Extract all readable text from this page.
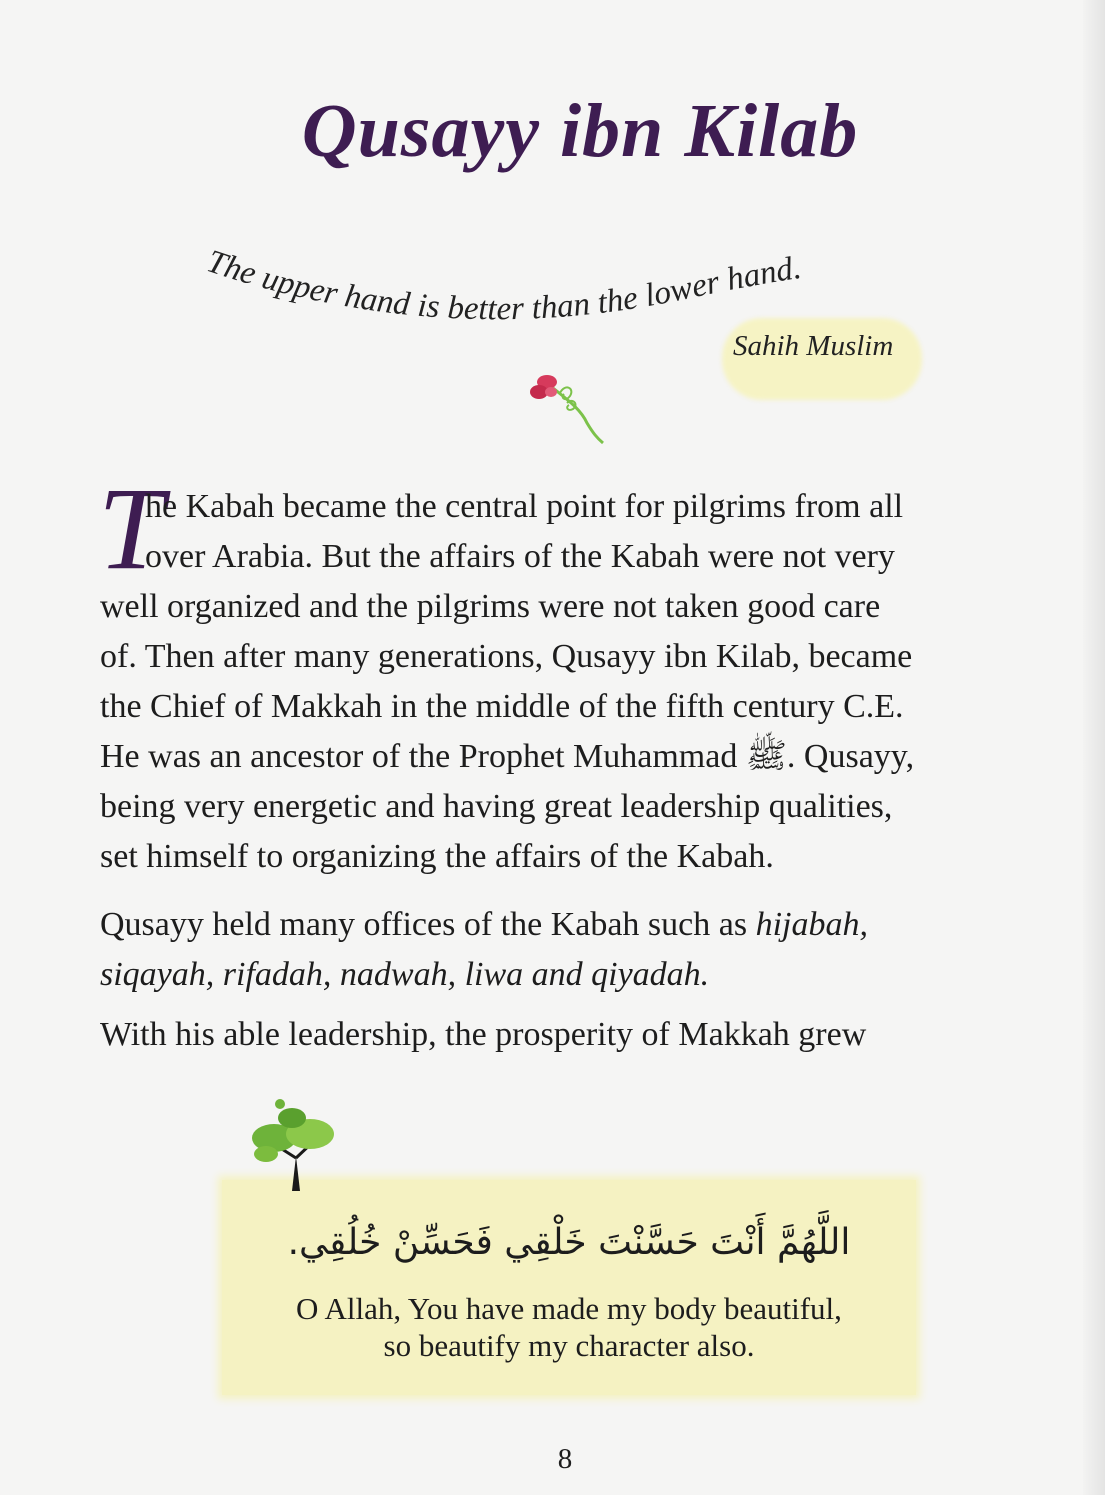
Qusayy ibn Kilab
The upper hand is better than the lower hand.
Sahih Muslim
T
he Kabah became the central point for pilgrims from all
over Arabia. But the affairs of the Kabah were not very
well organized and the pilgrims were not taken good care
of. Then after many generations, Qusayy ibn Kilab, became
the Chief of Makkah in the middle of the fifth century C.E.
He was an ancestor of the Prophet Muhammad ﷺ. Qusayy,
being very energetic and having great leadership qualities,
set himself to organizing the affairs of the Kabah.
Qusayy held many offices of the Kabah such as hijabah,
siqayah, rifadah, nadwah, liwa and qiyadah.
With his able leadership, the prosperity of Makkah grew
اللَّهُمَّ أَنْتَ حَسَّنْتَ خَلْقِي فَحَسِّنْ خُلُقِي.
O Allah, You have made my body beautiful,
so beautify my character also.
8
